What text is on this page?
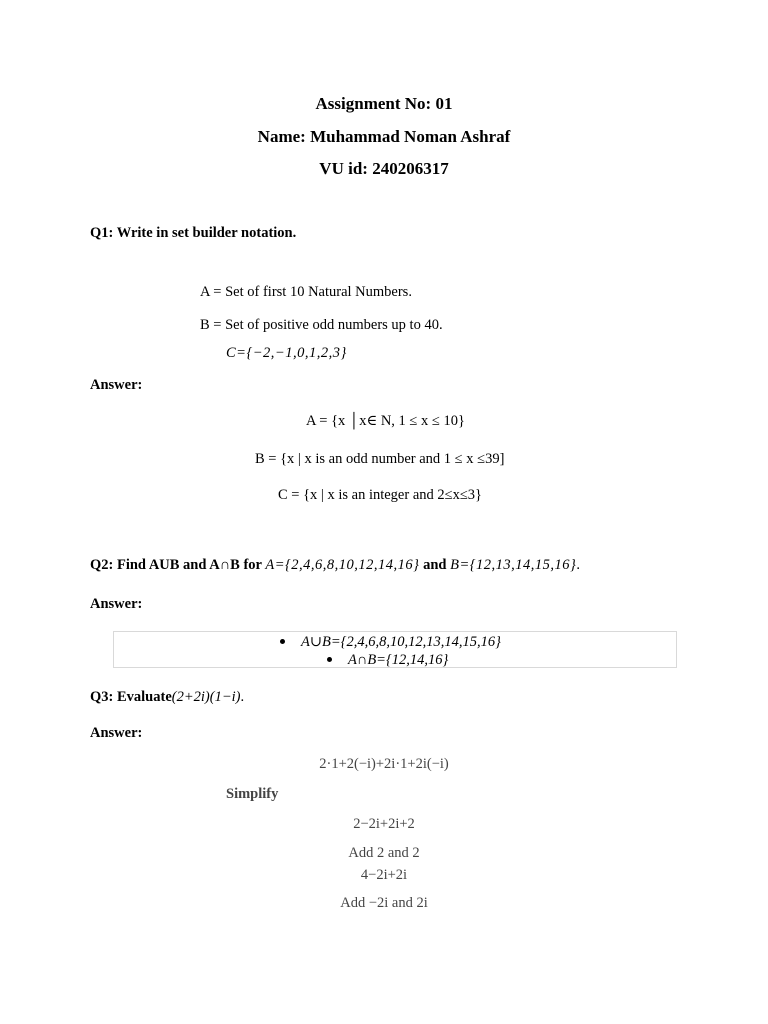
Assignment No: 01
Name: Muhammad Noman Ashraf
VU id: 240206317
Q1: Write in set builder notation.
A = Set of first 10 Natural Numbers.
B = Set of positive odd numbers up to 40.
C={−2,−1,0,1,2,3}
Answer:
A = {x │x∈ N, 1 ≤ x ≤ 10}
B = {x | x is an odd number and 1 ≤ x ≤39]
C = {x | x is an integer and 2≤x≤3}
Q2: Find AUB and A∩B for A={2,4,6,8,10,12,14,16} and B={12,13,14,15,16}.
Answer:
A∪B={2,4,6,8,10,12,13,14,15,16}
A∩B={12,14,16}
Q3: Evaluate(2+2i)(1−i).
Answer:
2·1+2(−i)+2i·1+2i(−i)
Simplify
2−2i+2i+2
Add 2 and 2
4−2i+2i
Add −2i and 2i
